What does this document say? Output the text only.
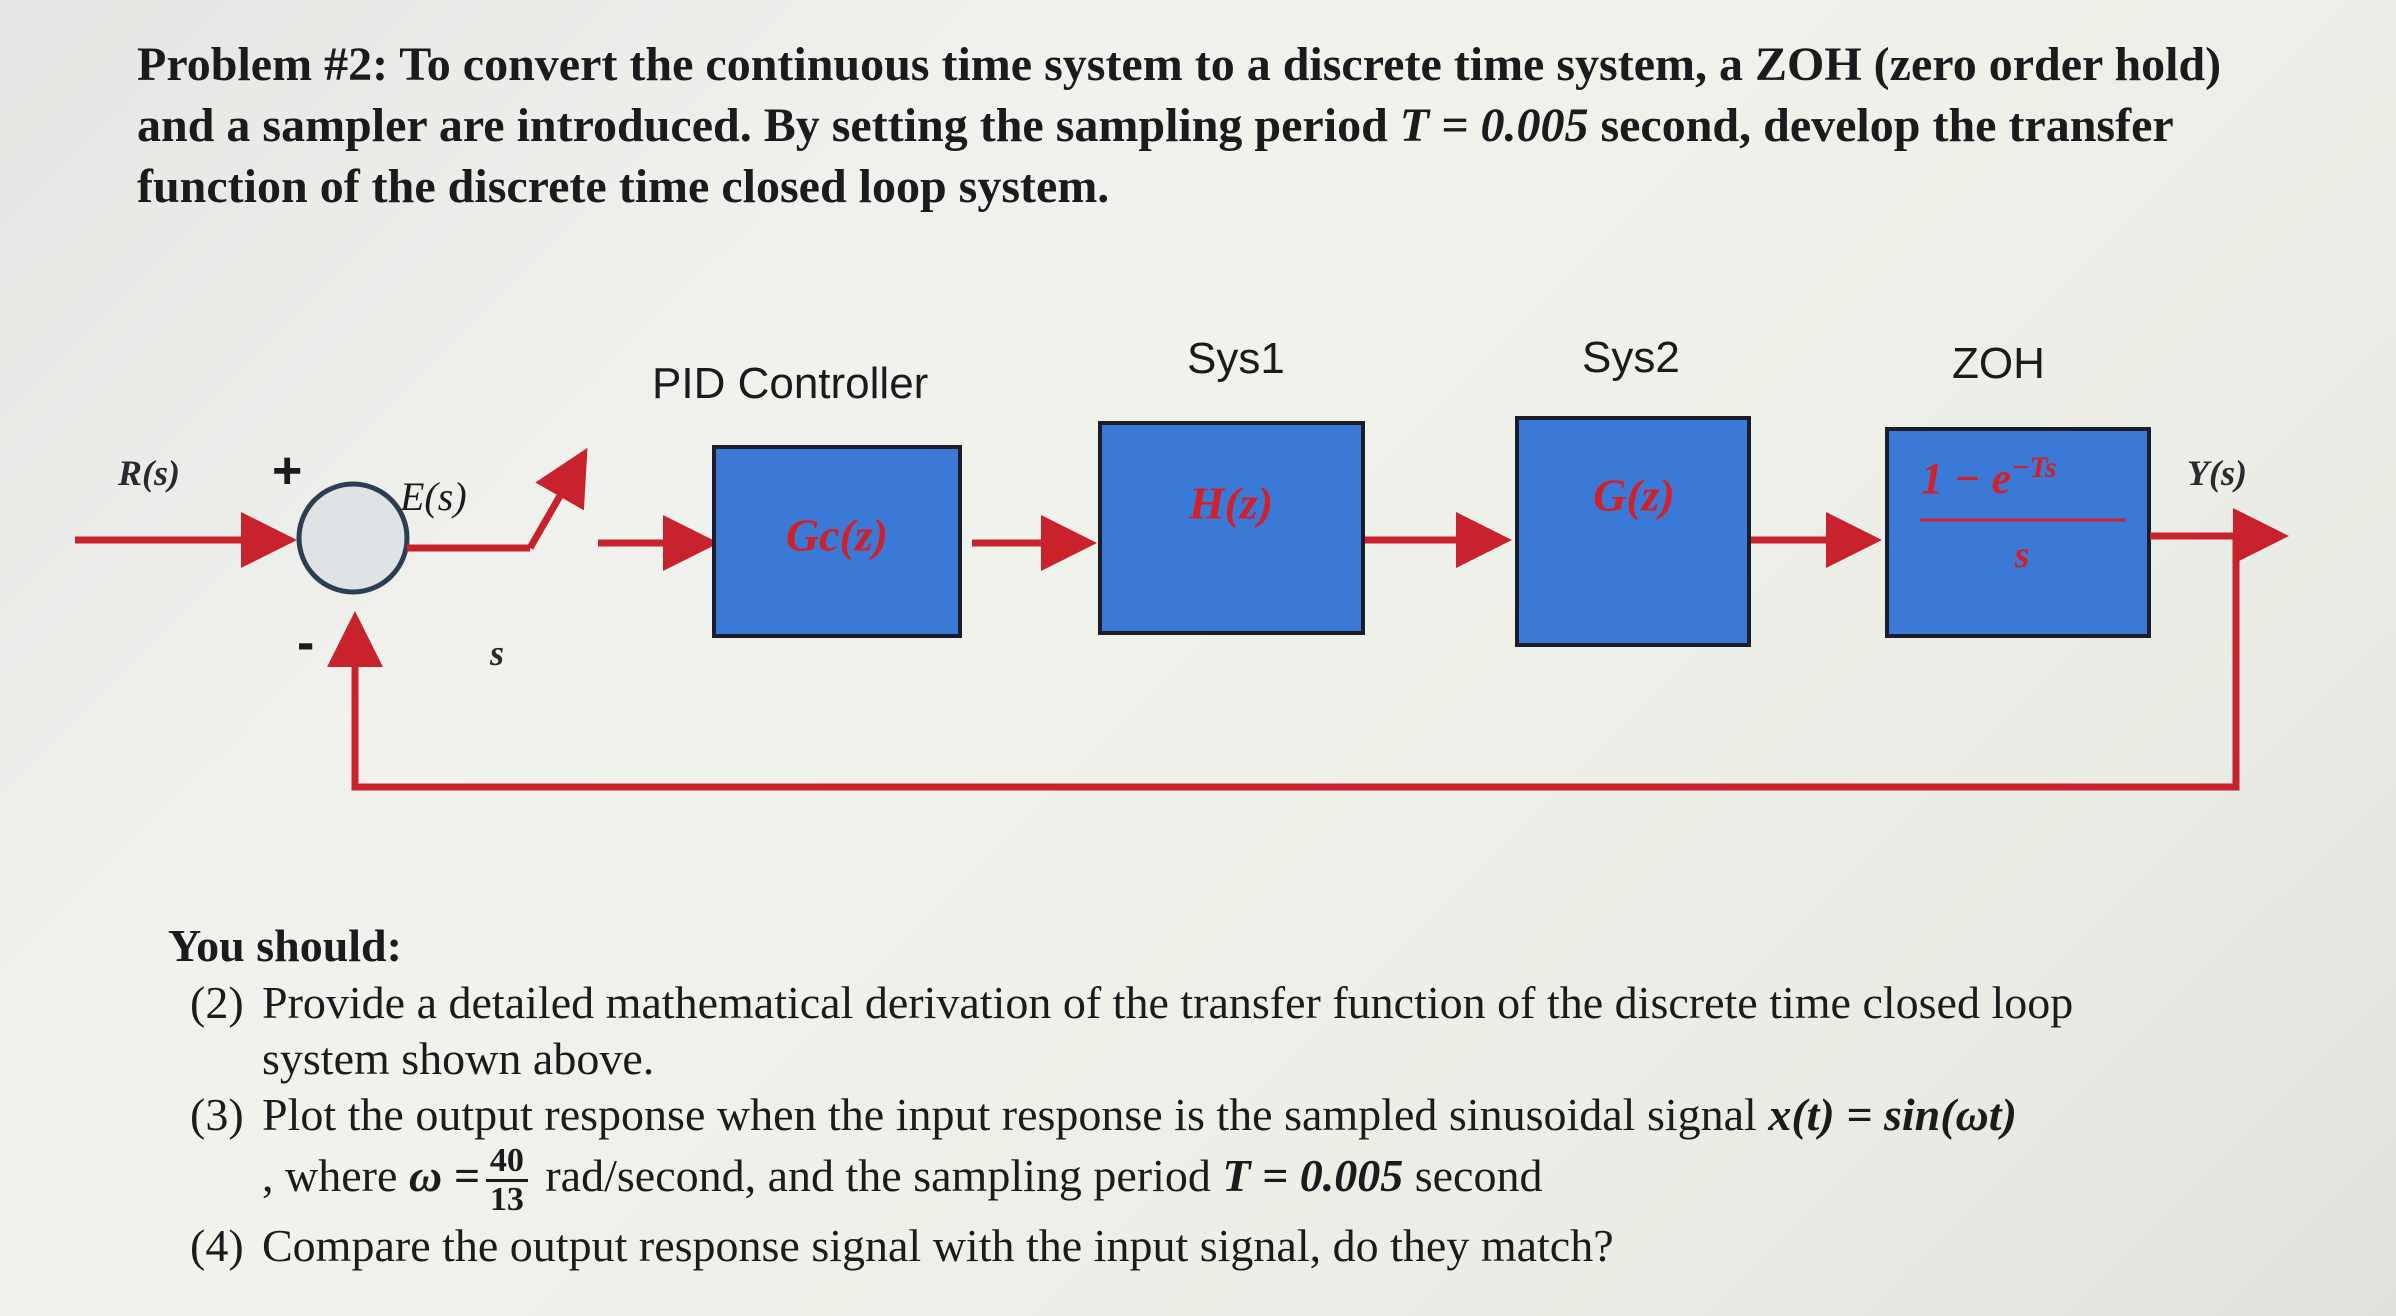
Problem #2: To convert the continuous time system to a discrete time system, a ZOH (zero order hold) and a sampler are introduced. By setting the sampling period T = 0.005 second, develop the transfer function of the discrete time closed loop system.
R(s) +
-
E(s)
s
PID Controller
Gc(z)
Sys1
H(z)
Sys2
G(z)
ZOH
$1 - e^{-Ts}$
s
Y(s)
You should:

(2) Provide a detailed mathematical derivation of the transfer function of the discrete time closed loop system shown above.

(3) Plot the output response when the input response is the sampled sinusoidal signal x(t) = sin(ωt)
, where $\omega = \frac{40}{13}$ rad/second, and the sampling period T = 0.005 second

(4) Compare the output response signal with the input signal, do they match?
